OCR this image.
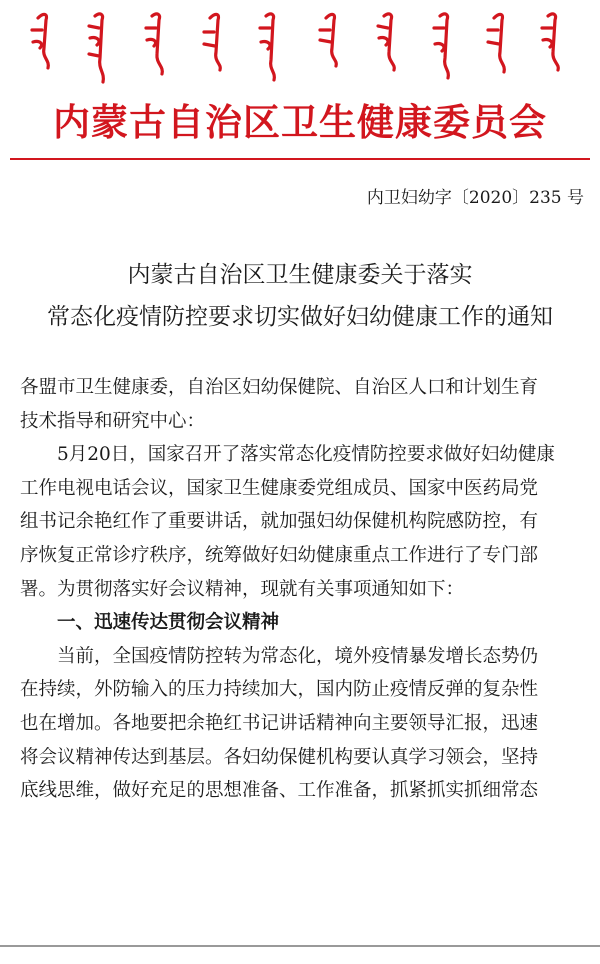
内蒙古自治区卫生健康委员会
内卫妇幼字〔2020〕235 号
内蒙古自治区卫生健康委关于落实
常态化疫情防控要求切实做好妇幼健康工作的通知

各盟市卫生健康委，自治区妇幼保健院、自治区人口和计划生育

技术指导和研究中心：

　　5月20日，国家召开了落实常态化疫情防控要求做好妇幼健康

工作电视电话会议，国家卫生健康委党组成员、国家中医药局党

组书记余艳红作了重要讲话，就加强妇幼保健机构院感防控，有

序恢复正常诊疗秩序，统筹做好妇幼健康重点工作进行了专门部

署。为贯彻落实好会议精神，现就有关事项通知如下：

　　一、迅速传达贯彻会议精神

　　当前，全国疫情防控转为常态化，境外疫情暴发增长态势仍

在持续，外防输入的压力持续加大，国内防止疫情反弹的复杂性

也在增加。各地要把余艳红书记讲话精神向主要领导汇报，迅速

将会议精神传达到基层。各妇幼保健机构要认真学习领会，坚持

底线思维，做好充足的思想准备、工作准备，抓紧抓实抓细常态
